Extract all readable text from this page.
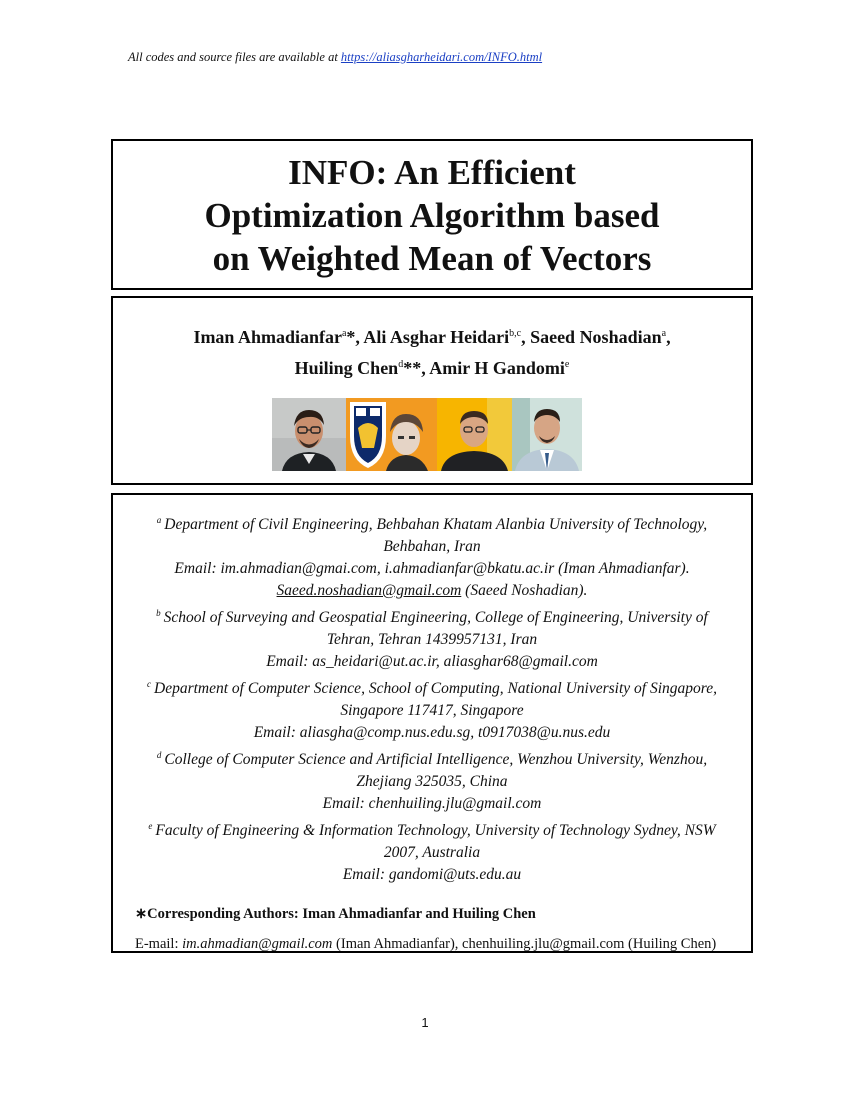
All codes and source files are available at https://aliasgharheidari.com/INFO.html
INFO: An Efficient
Optimization Algorithm based
on Weighted Mean of Vectors
Iman Ahmadianfar$^a$*, Ali Asghar Heidari$^{b,c}$, Saeed Noshadian$^a$,
Huiling Chen$^d$**, Amir H Gandomi$^e$
$^a$ Department of Civil Engineering, Behbahan Khatam Alanbia University of Technology, Behbahan, Iran
Email: im.ahmadian@gmai.com, i.ahmadianfar@bkatu.ac.ir (Iman Ahmadianfar).
Saeed.noshadian@gmail.com (Saeed Noshadian).
$^b$ School of Surveying and Geospatial Engineering, College of Engineering, University of Tehran, Tehran 1439957131, Iran
Email: as_heidari@ut.ac.ir, aliasghar68@gmail.com
$^c$ Department of Computer Science, School of Computing, National University of Singapore, Singapore 117417, Singapore
Email: aliasgha@comp.nus.edu.sg, t0917038@u.nus.edu
$^d$ College of Computer Science and Artificial Intelligence, Wenzhou University, Wenzhou, Zhejiang 325035, China
Email: chenhuiling.jlu@gmail.com
$^e$ Faculty of Engineering & Information Technology, University of Technology Sydney, NSW 2007, Australia
Email: gandomi@uts.edu.au
∗Corresponding Authors: Iman Ahmadianfar and Huiling Chen
E-mail: im.ahmadian@gmail.com (Iman Ahmadianfar), chenhuiling.jlu@gmail.com (Huiling Chen)
1
